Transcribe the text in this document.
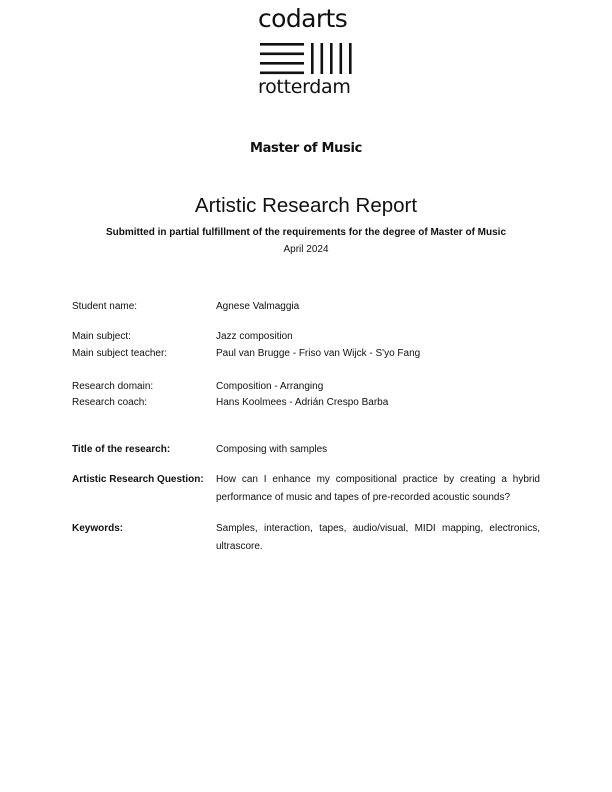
codarts
rotterdam
Master of Music
Artistic Research Report
Submitted in partial fulfillment of the requirements for the degree of Master of Music
April 2024
Student name:	Agnese Valmaggia
Main subject:	Jazz composition
Main subject teacher:	Paul van Brugge - Friso van Wijck - S'yo Fang
Research domain:	Composition - Arranging
Research coach:	Hans Koolmees - Adrián Crespo Barba
Title of the research:	Composing with samples
Artistic Research Question:	How can I enhance my compositional practice by creating a hybrid performance of music and tapes of pre-recorded acoustic sounds?
Keywords:	Samples, interaction, tapes, audio/visual, MIDI mapping, electronics, ultrascore.
